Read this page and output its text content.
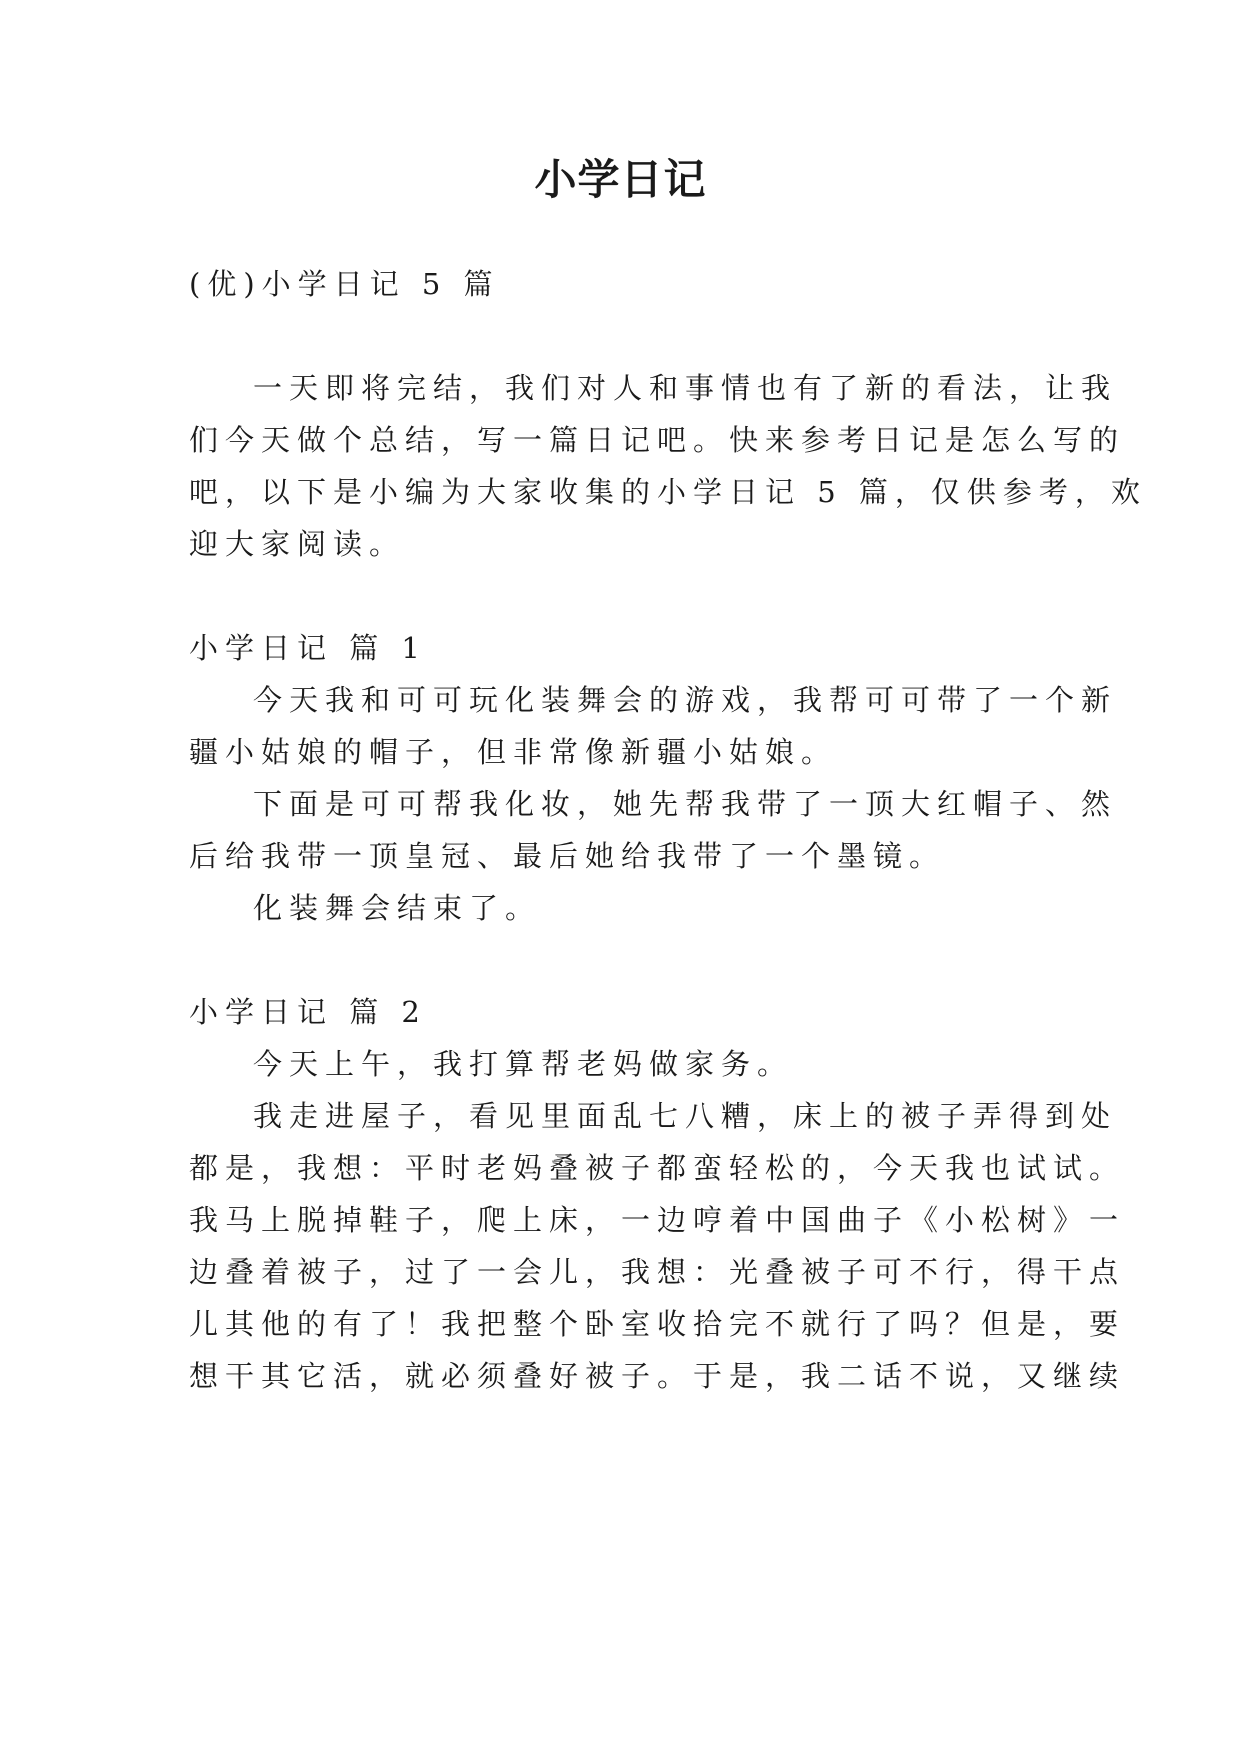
小学日记
(优)小学日记 5 篇
一天即将完结，我们对人和事情也有了新的看法，让我
们今天做个总结，写一篇日记吧。快来参考日记是怎么写的
吧，以下是小编为大家收集的小学日记 5 篇，仅供参考，欢
迎大家阅读。
小学日记 篇 1
今天我和可可玩化装舞会的游戏，我帮可可带了一个新
疆小姑娘的帽子，但非常像新疆小姑娘。
下面是可可帮我化妆，她先帮我带了一顶大红帽子、然
后给我带一顶皇冠、最后她给我带了一个墨镜。
化装舞会结束了。
小学日记 篇 2
今天上午，我打算帮老妈做家务。
我走进屋子，看见里面乱七八糟，床上的被子弄得到处
都是，我想：平时老妈叠被子都蛮轻松的，今天我也试试。
我马上脱掉鞋子，爬上床，一边哼着中国曲子《小松树》一
边叠着被子，过了一会儿，我想：光叠被子可不行，得干点
儿其他的有了！我把整个卧室收拾完不就行了吗？但是，要
想干其它活，就必须叠好被子。于是，我二话不说，又继续
